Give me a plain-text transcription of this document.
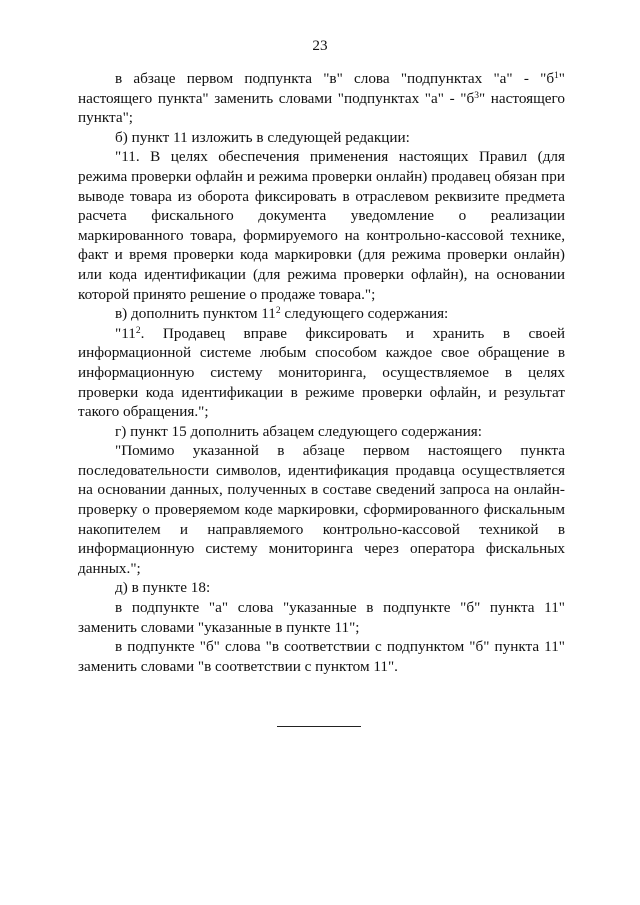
23

в абзаце первом подпункта "в" слова "подпунктах "а" - "$б^1$" настоящего пункта" заменить словами "подпунктах "а" - "$б^3$" настоящего пункта";

б) пункт 11 изложить в следующей редакции:

"11. В целях обеспечения применения настоящих Правил (для режима проверки офлайн и режима проверки онлайн) продавец обязан при выводе товара из оборота фиксировать в отраслевом реквизите предмета расчета фискального документа уведомление о реализации маркированного товара, формируемого на контрольно-кассовой технике, факт и время проверки кода маркировки (для режима проверки онлайн) или кода идентификации (для режима проверки офлайн), на основании которой принято решение о продаже товара.";

в) дополнить пунктом $11^2$ следующего содержания:

"$11^2$. Продавец вправе фиксировать и хранить в своей информационной системе любым способом каждое свое обращение в информационную систему мониторинга, осуществляемое в целях проверки кода идентификации в режиме проверки офлайн, и результат такого обращения.";

г) пункт 15 дополнить абзацем следующего содержания:

"Помимо указанной в абзаце первом настоящего пункта последовательности символов, идентификация продавца осуществляется на основании данных, полученных в составе сведений запроса на онлайн-проверку о проверяемом коде маркировки, сформированного фискальным накопителем и направляемого контрольно-кассовой техникой в информационную систему мониторинга через оператора фискальных данных.";

д) в пункте 18:

в подпункте "а" слова "указанные в подпункте "б" пункта 11" заменить словами "указанные в пункте 11";

в подпункте "б" слова "в соответствии с подпунктом "б" пункта 11" заменить словами "в соответствии с пунктом 11".
